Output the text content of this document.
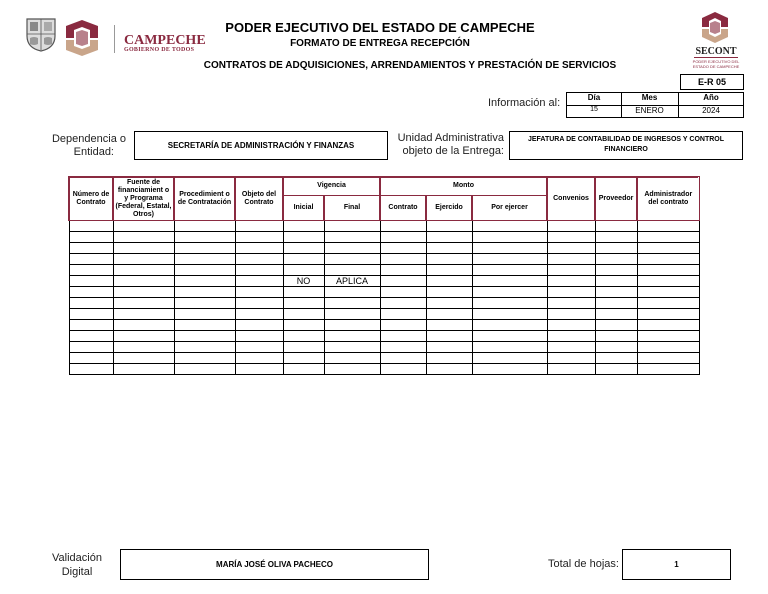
CAMPECHE
GOBIERNO DE TODOS
PODER EJECUTIVO DEL ESTADO DE CAMPECHE
FORMATO DE ENTREGA RECEPCIÓN
CONTRATOS DE ADQUISICIONES, ARRENDAMIENTOS Y PRESTACIÓN DE SERVICIOS
SECONT
PODER EJECUTIVO DEL ESTADO DE CAMPECHE
E-R 05
Información al:	Día	Mes	Año
15	ENERO	2024
Dependencia o
Entidad:
SECRETARÍA DE ADMINISTRACIÓN Y FINANZAS
Unidad Administrativa
objeto de la Entrega:
JEFATURA DE CONTABILIDAD DE INGRESOS Y CONTROL FINANCIERO
Número de Contrato	Fuente de financiamient o y Programa (Federal, Estatal, Otros)	Procedimient o de Contratación	Objeto del Contrato	Vigencia		Monto			Convenios	Proveedor	Administrador del contrato
				Inicial	Final	Contrato	Ejercido	Por ejercer			

				NO	APLICA						

Validación
Digital
MARÍA JOSÉ OLIVA PACHECO	Total de hojas:	1
